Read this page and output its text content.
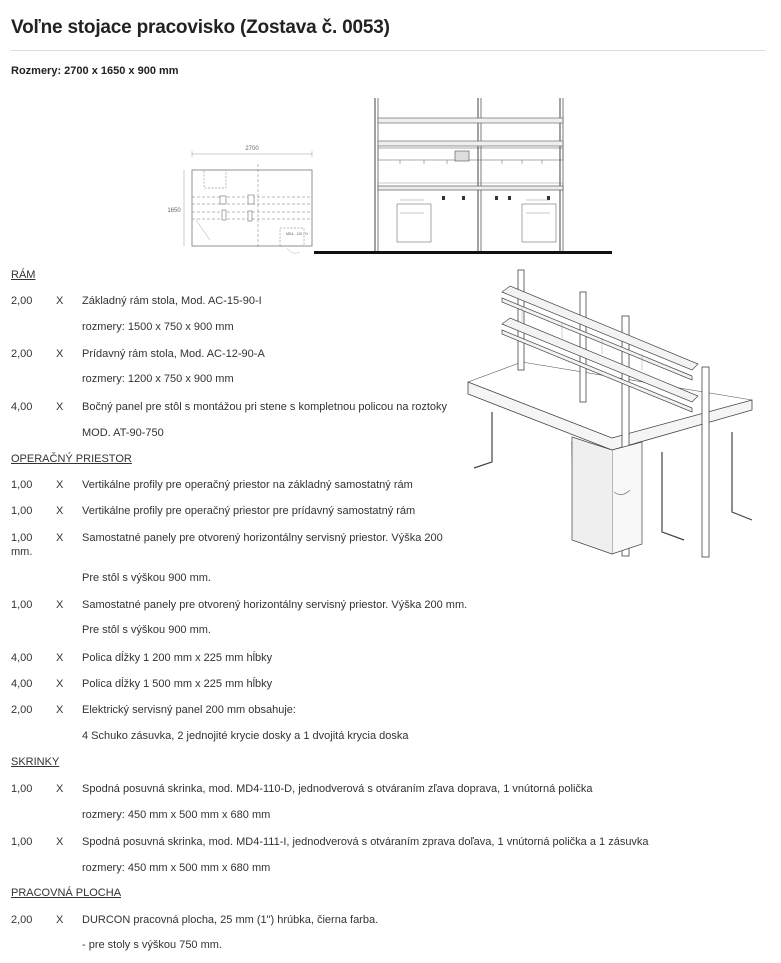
Voľne stojace pracovisko (Zostava č. 0053)
Rozmery: 2700 x 1650 x 900 mm
2700
1650
MD4 - 110 - D
RÁM
2,00	X Základný rám stola, Mod. AC-15-90-I
rozmery: 1500 x 750 x 900 mm
2,00	X Prídavný rám stola, Mod. AC-12-90-A
rozmery: 1200 x 750 x 900 mm
4,00	X Bočný panel pre stôl s montážou pri stene s kompletnou policou na roztoky
MOD. AT-90-750
OPERAČNÝ PRIESTOR
1,00	X Vertikálne profily pre operačný priestor na základný samostatný rám
1,00	X Vertikálne profily pre operačný priestor pre prídavný samostatný rám
1,00	X Samostatné panely pre otvorený horizontálny servisný priestor. Výška 200
mm.
Pre stôl s výškou 900 mm.
1,00	X Samostatné panely pre otvorený horizontálny servisný priestor. Výška 200 mm.
Pre stôl s výškou 900 mm.
4,00	X Polica dĺžky 1 200 mm x 225 mm hĺbky
4,00	X Polica dĺžky 1 500 mm x 225 mm hĺbky
2,00	X Elektrický servisný panel 200 mm obsahuje:
4 Schuko zásuvka, 2 jednojité krycie dosky a 1 dvojitá krycia doska
SKRINKY
1,00	X Spodná posuvná skrinka, mod. MD4-110-D, jednodverová s otváraním zľava doprava, 1 vnútorná polička
rozmery: 450 mm x 500 mm x 680 mm
1,00	X Spodná posuvná skrinka, mod. MD4-111-I, jednodverová s otváraním zprava doľava, 1 vnútorná polička a 1 zásuvka
rozmery: 450 mm x 500 mm x 680 mm
PRACOVNÁ PLOCHA
2,00	X DURCON pracovná plocha, 25 mm (1") hrúbka, čierna farba.
- pre stoly s výškou 750 mm.
